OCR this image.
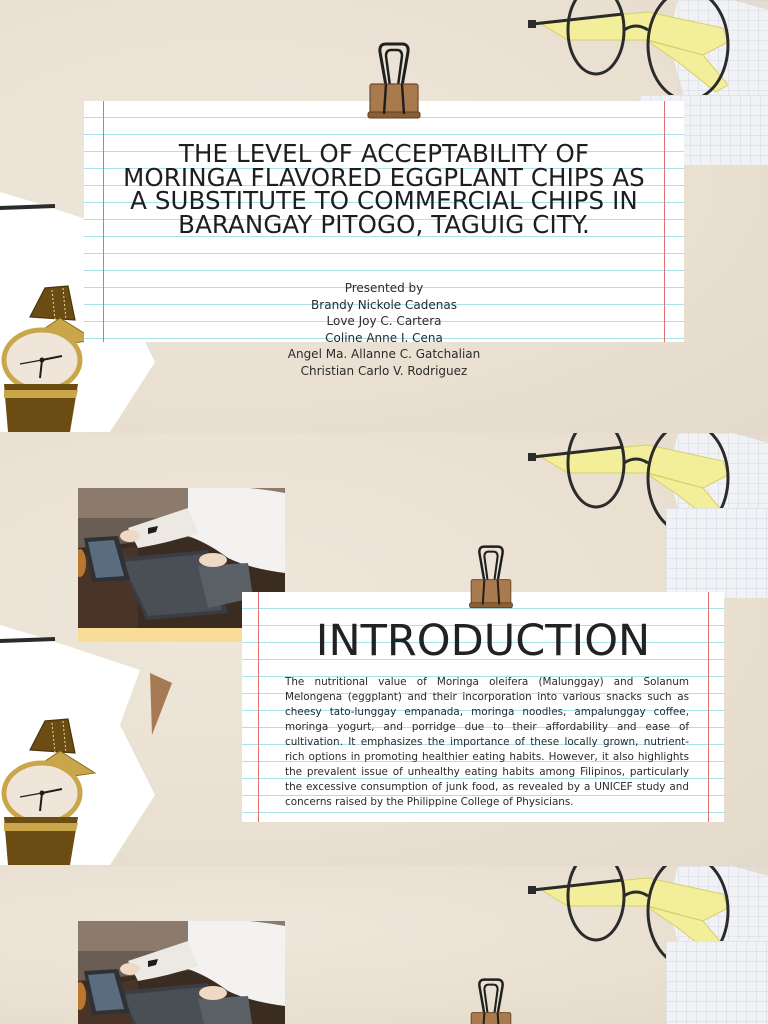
THE LEVEL OF ACCEPTABILITY OF MORINGA FLAVORED EGGPLANT CHIPS AS A SUBSTITUTE TO COMMERCIAL CHIPS IN BARANGAY PITOGO, TAGUIG CITY.
Presented by
Brandy Nickole Cadenas
Love Joy C. Cartera
Coline Anne I. Cena
Angel Ma. Allanne C. Gatchalian
Christian Carlo V. Rodriguez
INTRODUCTION

The nutritional value of Moringa oleifera (Malunggay) and Solanum Melongena (eggplant) and their incorporation into various snacks such as cheesy tato-lunggay empanada, moringa noodles, ampalunggay coffee, moringa yogurt, and porridge due to their affordability and ease of cultivation. It emphasizes the importance of these locally grown, nutrient-rich options in promoting healthier eating habits. However, it also highlights the prevalent issue of unhealthy eating habits among Filipinos, particularly the excessive consumption of junk food, as revealed by a UNICEF study and concerns raised by the Philippine College of Physicians.
